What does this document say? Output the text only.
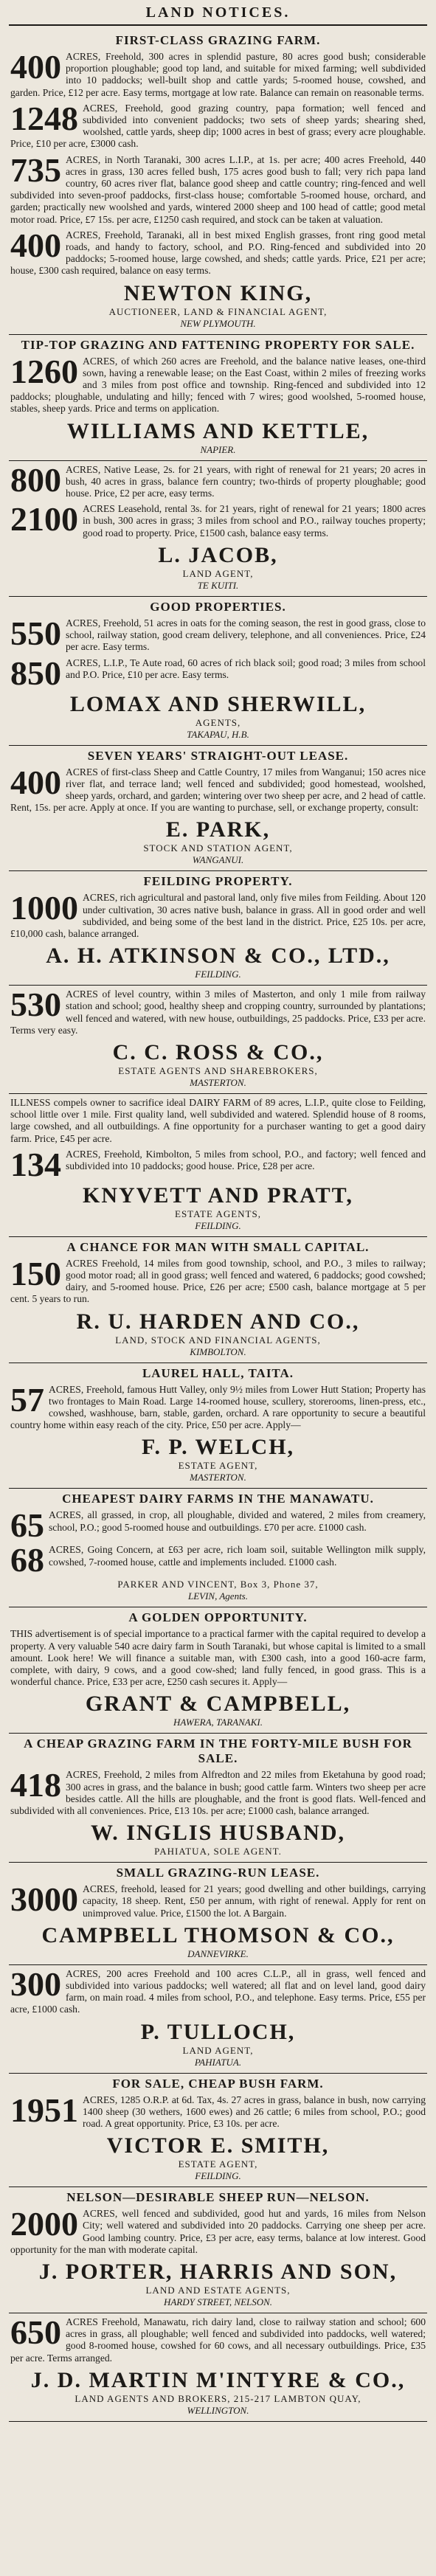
LAND NOTICES.
FIRST-CLASS GRAZING FARM.
400 ACRES, Freehold, 300 acres in splendid pasture, 80 acres good bush; considerable proportion ploughable; good top land, and suitable for mixed farming; well subdivided into 10 paddocks; well-built shop and cattle yards; 5-roomed house, cowshed, and garden. Price, £12 per acre. Easy terms, mortgage at low rate. Balance can remain on reasonable terms.
1248 ACRES, Freehold, good grazing country, papa formation; well fenced and subdivided into convenient paddocks; two sets of sheep yards; shearing shed, woolshed, cattle yards, sheep dip; 1000 acres in best of grass; every acre ploughable. Price, £10 per acre, £3000 cash.
735 ACRES, in North Taranaki, 300 acres L.I.P., at 1s. per acre; 400 acres Freehold, 440 acres in grass, 130 acres felled bush, 175 acres good bush to fall; very rich papa land country, 60 acres river flat, balance good sheep and cattle country; ring-fenced and well subdivided into seven-proof paddocks, first-class house; comfortable 5-roomed house, orchard, and garden; practically new woolshed and yards, wintered 2000 sheep and 100 head of cattle; good metal motor road. Price, £7 15s. per acre, £1250 cash required, and stock can be taken at valuation.
400 ACRES, Freehold, Taranaki, all in best mixed English grasses, front ring good metal roads, and handy to factory, school, and P.O. Ring-fenced and subdivided into 20 paddocks; 5-roomed house, large cowshed, and sheds; cattle yards. Price, £21 per acre; house, £300 cash required, balance on easy terms.
NEWTON KING,
AUCTIONEER, LAND & FINANCIAL AGENT,
NEW PLYMOUTH.
TIP-TOP GRAZING AND FATTENING PROPERTY FOR SALE.
1260 ACRES, of which 260 acres are Freehold, and the balance native leases, one-third sown, having a renewable lease; on the East Coast, within 2 miles of freezing works and 3 miles from post office and township. Ring-fenced and subdivided into 12 paddocks; ploughable, undulating and hilly; fenced with 7 wires; good woolshed, 5-roomed house, stables, sheep yards. Price and terms on application.
WILLIAMS AND KETTLE,
NAPIER.
800 ACRES, Native Lease, 2s. for 21 years, with right of renewal for 21 years; 20 acres in bush, 40 acres in grass, balance fern country; two-thirds of property ploughable; good house. Price, £2 per acre, easy terms.
2100 ACRES Leasehold, rental 3s. for 21 years, right of renewal for 21 years; 1800 acres in bush, 300 acres in grass; 3 miles from school and P.O., railway touches property; good road to property. Price, £1500 cash, balance easy terms.
L. JACOB,
LAND AGENT,
TE KUITI.
GOOD PROPERTIES.
550 ACRES, Freehold, 51 acres in oats for the coming season, the rest in good grass, close to school, railway station, good cream delivery, telephone, and all conveniences. Price, £24 per acre. Easy terms.
850 ACRES, L.I.P., Te Aute road, 60 acres of rich black soil; good road; 3 miles from school and P.O. Price, £10 per acre. Easy terms.
LOMAX AND SHERWILL,
AGENTS,
TAKAPAU, H.B.
SEVEN YEARS' STRAIGHT-OUT LEASE.
400 ACRES of first-class Sheep and Cattle Country, 17 miles from Wanganui; 150 acres nice river flat, and terrace land; well fenced and subdivided; good homestead, woolshed, sheep yards, orchard, and garden; wintering over two sheep per acre, and 2 head of cattle. Rent, 15s. per acre. Apply at once. If you are wanting to purchase, sell, or exchange property, consult:
E. PARK,
STOCK AND STATION AGENT,
WANGANUI.
FEILDING PROPERTY.
1000 ACRES, rich agricultural and pastoral land, only five miles from Feilding. About 120 under cultivation, 30 acres native bush, balance in grass. All in good order and well subdivided, and being some of the best land in the district. Price, £25 10s. per acre, £10,000 cash, balance arranged.
A. H. ATKINSON & CO., LTD.,
FEILDING.
530 ACRES of level country, within 3 miles of Masterton, and only 1 mile from railway station and school; good, healthy sheep and cropping country, surrounded by plantations; well fenced and watered, with new house, outbuildings, 25 paddocks. Price, £33 per acre. Terms very easy.
C. C. ROSS & CO.,
ESTATE AGENTS AND SHAREBROKERS,
MASTERTON.
ILLNESS compels owner to sacrifice ideal DAIRY FARM of 89 acres, L.I.P., quite close to Feilding, school little over 1 mile. First quality land, well subdivided and watered. Splendid house of 8 rooms, large cowshed, and all outbuildings. A fine opportunity for a purchaser wanting to get a good dairy farm. Price, £45 per acre.
134 ACRES, Freehold, Kimbolton, 5 miles from school, P.O., and factory; well fenced and subdivided into 10 paddocks; good house. Price, £28 per acre.
KNYVETT AND PRATT,
ESTATE AGENTS,
FEILDING.
A CHANCE FOR MAN WITH SMALL CAPITAL.
150 ACRES Freehold, 14 miles from good township, school, and P.O., 3 miles to railway; good motor road; all in good grass; well fenced and watered, 6 paddocks; good cowshed; dairy, and 5-roomed house. Price, £26 per acre; £500 cash, balance mortgage at 5 per cent. 5 years to run.
R. U. HARDEN AND CO.,
LAND, STOCK AND FINANCIAL AGENTS,
KIMBOLTON.
LAUREL HALL, TAITA.
57 ACRES, Freehold, famous Hutt Valley, only 9½ miles from Lower Hutt Station; Property has two frontages to Main Road. Large 14-roomed house, scullery, storerooms, linen-press, etc., cowshed, washhouse, barn, stable, garden, orchard. A rare opportunity to secure a beautiful country home within easy reach of the city. Price, £50 per acre. Apply—
F. P. WELCH,
ESTATE AGENT,
MASTERTON.
CHEAPEST DAIRY FARMS IN THE MANAWATU.
65 ACRES, all grassed, in crop, all ploughable, divided and watered, 2 miles from creamery, school, P.O.; good 5-roomed house and outbuildings. £70 per acre. £1000 cash.
68 ACRES, Going Concern, at £63 per acre, rich loam soil, suitable Wellington milk supply, cowshed, 7-roomed house, cattle and implements included. £1000 cash.
PARKER AND VINCENT, Box 3, Phone 37,
LEVIN, Agents.
A GOLDEN OPPORTUNITY.
THIS advertisement is of special importance to a practical farmer with the capital required to develop a property. A very valuable 540 acre dairy farm in South Taranaki, but whose capital is limited to a small amount. Look here! We will finance a suitable man, with £300 cash, into a good 160-acre farm, complete, with dairy, 9 cows, and a good cow-shed; land fully fenced, in good grass. This is a wonderful chance. Price, £33 per acre, £250 cash secures it. Apply—
GRANT & CAMPBELL,
HAWERA, TARANAKI.
A CHEAP GRAZING FARM IN THE FORTY-MILE BUSH FOR SALE.
418 ACRES, Freehold, 2 miles from Alfredton and 22 miles from Eketahuna by good road; 300 acres in grass, and the balance in bush; good cattle farm. Winters two sheep per acre besides cattle. All the hills are ploughable, and the front is good flats. Well-fenced and subdivided with all conveniences. Price, £13 10s. per acre; £1000 cash, balance arranged.
W. INGLIS HUSBAND,
PAHIATUA, SOLE AGENT.
SMALL GRAZING-RUN LEASE.
3000 ACRES, freehold, leased for 21 years; good dwelling and other buildings, carrying capacity, 18 sheep. Rent, £50 per annum, with right of renewal. Apply for rent on unimproved value. Price, £1500 the lot. A Bargain.
CAMPBELL THOMSON & CO.,
DANNEVIRKE.
300 ACRES, 200 acres Freehold and 100 acres C.L.P., all in grass, well fenced and subdivided into various paddocks; well watered; all flat and on level land, good dairy farm, on main road. 4 miles from school, P.O., and telephone. Easy terms. Price, £55 per acre, £1000 cash.
P. TULLOCH,
LAND AGENT,
PAHIATUA.
FOR SALE, CHEAP BUSH FARM.
1951 ACRES, 1285 O.R.P. at 6d. Tax, 4s. 27 acres in grass, balance in bush, now carrying 1400 sheep (30 wethers, 1600 ewes) and 26 cattle; 6 miles from school, P.O.; good road. A great opportunity. Price, £3 10s. per acre.
VICTOR E. SMITH,
ESTATE AGENT,
FEILDING.
NELSON—DESIRABLE SHEEP RUN—NELSON.
2000 ACRES, well fenced and subdivided, good hut and yards, 16 miles from Nelson City; well watered and subdivided into 20 paddocks. Carrying one sheep per acre. Good lambing country. Price, £3 per acre, easy terms, balance at low interest. Good opportunity for the man with moderate capital.
J. PORTER, HARRIS AND SON,
LAND AND ESTATE AGENTS,
HARDY STREET, NELSON.
650 ACRES Freehold, Manawatu, rich dairy land, close to railway station and school; 600 acres in grass, all ploughable; well fenced and subdivided into paddocks, well watered; good 8-roomed house, cowshed for 60 cows, and all necessary outbuildings. Price, £35 per acre. Terms arranged.
J. D. MARTIN M'INTYRE & CO.,
LAND AGENTS AND BROKERS, 215-217 LAMBTON QUAY,
WELLINGTON.
